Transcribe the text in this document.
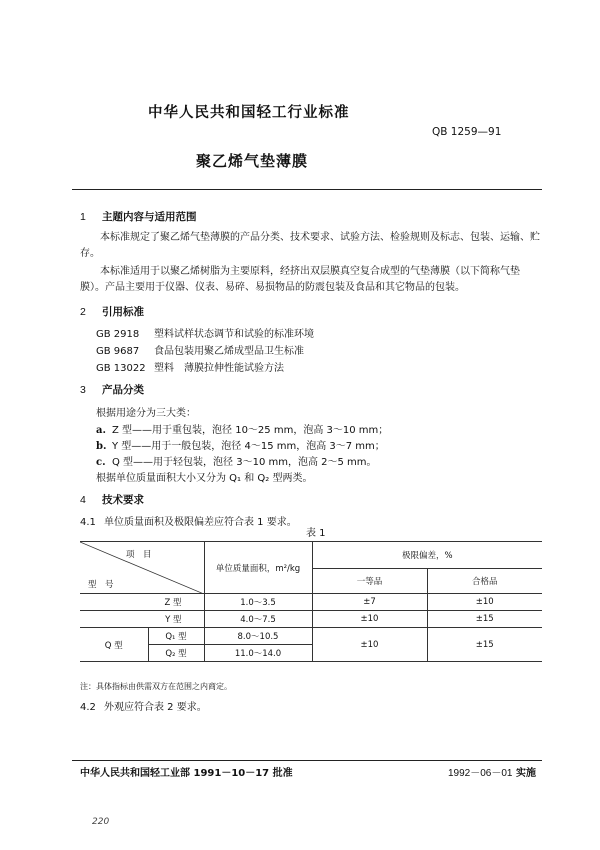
中华人民共和国轻工行业标准
QB 1259—91
聚乙烯气垫薄膜
1 主题内容与适用范围
本标准规定了聚乙烯气垫薄膜的产品分类、技术要求、试验方法、检验规则及标志、包装、运输、贮存。
本标准适用于以聚乙烯树脂为主要原料，经挤出双层膜真空复合成型的气垫薄膜（以下简称气垫膜）。产品主要用于仪器、仪表、易碎、易损物品的防震包装及食品和其它物品的包装。
2 引用标准
GB 2918 塑料试样状态调节和试验的标准环境
GB 9687 食品包装用聚乙烯成型品卫生标准
GB 13022 塑料　薄膜拉伸性能试验方法
3 产品分类
根据用途分为三大类：
a. Z 型——用于重包装，泡径 10～25 mm，泡高 3～10 mm；
b. Y 型——用于一般包装，泡径 4～15 mm，泡高 3～7 mm；
c. Q 型——用于轻包装，泡径 3～10 mm，泡高 2～5 mm。
根据单位质量面积大小又分为 Q₁ 和 Q₂ 型两类。
4 技术要求
4.1 单位质量面积及极限偏差应符合表 1 要求。
表 1
项　目
型　号		单位质量面积，m²/kg	极限偏差，%	
			一等品	合格品
Z 型		1.0～3.5	±7	±10
Y 型		4.0～7.5	±10	±15
Q 型	Q₁ 型	8.0～10.5	±10	±15
	Q₂ 型	11.0～14.0		
注：具体指标由供需双方在范围之内商定。
4.2 外观应符合表 2 要求。
中华人民共和国轻工业部 1991－10－17 批准	1992－06－01 实施
220
